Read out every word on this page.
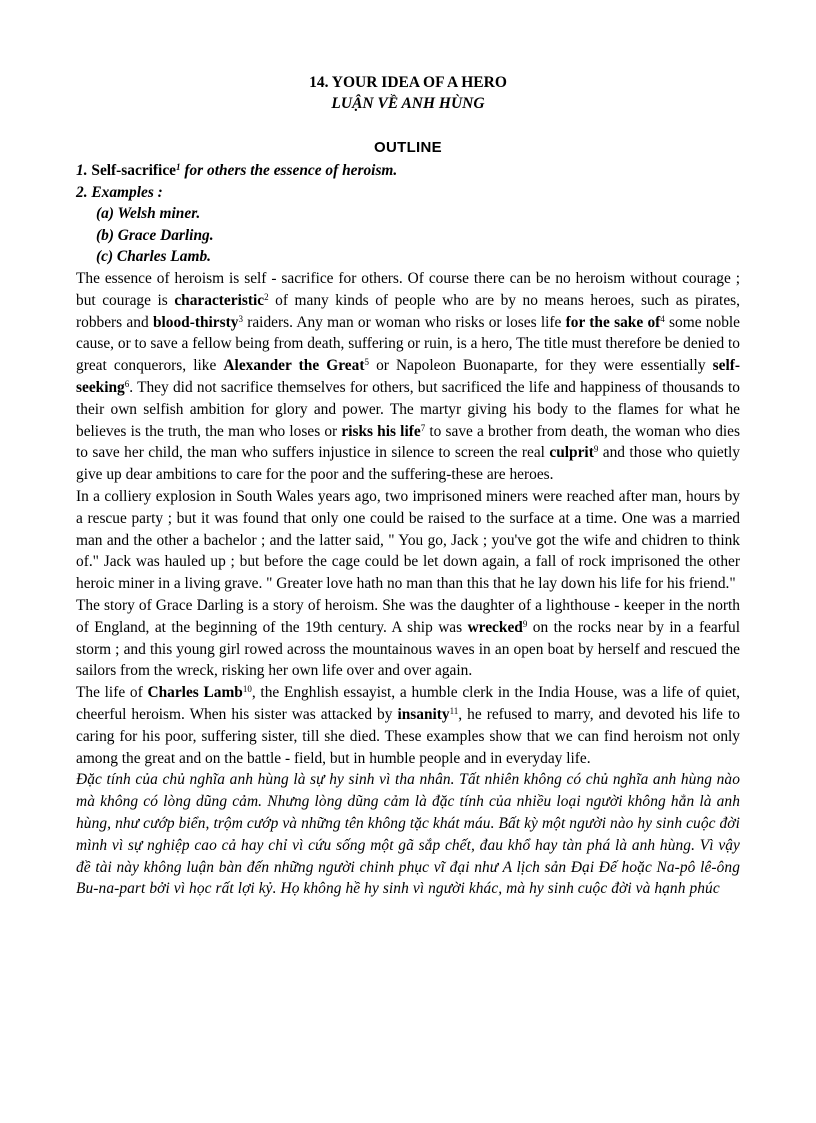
14. YOUR IDEA OF A HERO
LUẬN VỀ ANH HÙNG
OUTLINE
1. Self-sacrifice$^1$ for others the essence of heroism.
2. Examples :
(a) Welsh miner.
(b) Grace Darling.
(c) Charles Lamb.

The essence of heroism is self - sacrifice for others. Of course there can be no heroism without courage ; but courage is characteristic$^2$ of many kinds of people who are by no means heroes, such as pirates, robbers and blood-thirsty$^3$ raiders. Any man or woman who risks or loses life for the sake $of^4$ some noble cause, or to save a fellow being from death, suffering or ruin, is a hero, The title must therefore be denied to great conquerors, like Alexander the Great$^5$ or Napoleon Buonaparte, for they were essentially self-seeking$^6$. They did not sacrifice themselves for others, but sacrificed the life and happiness of thousands to their own selfish ambition for glory and power. The martyr giving his body to the flames for what he believes is the truth, the man who loses or risks his life$^7$ to save a brother from death, the woman who dies to save her child, the man who suffers injustice in silence to screen the real culprit$^9$ and those who quietly give up dear ambitions to care for the poor and the suffering-these are heroes.

In a colliery explosion in South Wales years ago, two imprisoned miners were reached after man, hours by a rescue party ; but it was found that only one could be raised to the surface at a time. One was a married man and the other a bachelor ; and the latter said, " You go, Jack ; you've got the wife and chidren to think of." Jack was hauled up ; but before the cage could be let down again, a fall of rock imprisoned the other heroic miner in a living grave. " Greater love hath no man than this that he lay down his life for his friend."

The story of Grace Darling is a story of heroism. She was the daughter of a lighthouse - keeper in the north of England, at the beginning of the 19th century. A ship was wrecked$^9$ on the rocks near by in a fearful storm ; and this young girl rowed across the mountainous waves in an open boat by herself and rescued the sailors from the wreck, risking her own life over and over again.

The life of Charles Lamb$^{10}$, the Enghlish essayist, a humble clerk in the India House, was a life of quiet, cheerful heroism. When his sister was attacked by insanity$^{11}$, he refused to marry, and devoted his life to caring for his poor, suffering sister, till she died. These examples show that we can find heroism not only among the great and on the battle - field, but in humble people and in everyday life.

Đặc tính của chủ nghĩa anh hùng là sự hy sinh vì tha nhân. Tất nhiên không có chủ nghĩa anh hùng nào mà không có lòng dũng cảm. Nhưng lòng dũng cảm là đặc tính của nhiều loại người không hẳn là anh hùng, như cướp biển, trộm cướp và những tên không tặc khát máu. Bất kỳ một người nào hy sinh cuộc đời mình vì sự nghiệp cao cả hay chỉ vì cứu sống một gã sắp chết, đau khổ hay tàn phá là anh hùng. Vì vậy đề tài này không luận bàn đến những người chinh phục vĩ đại như A lịch sản Đại Đế hoặc Na-pô lê-ông Bu-na-part bởi vì học rất lợi kỷ. Họ không hề hy sinh vì người khác, mà hy sinh cuộc đời và hạnh phúc
